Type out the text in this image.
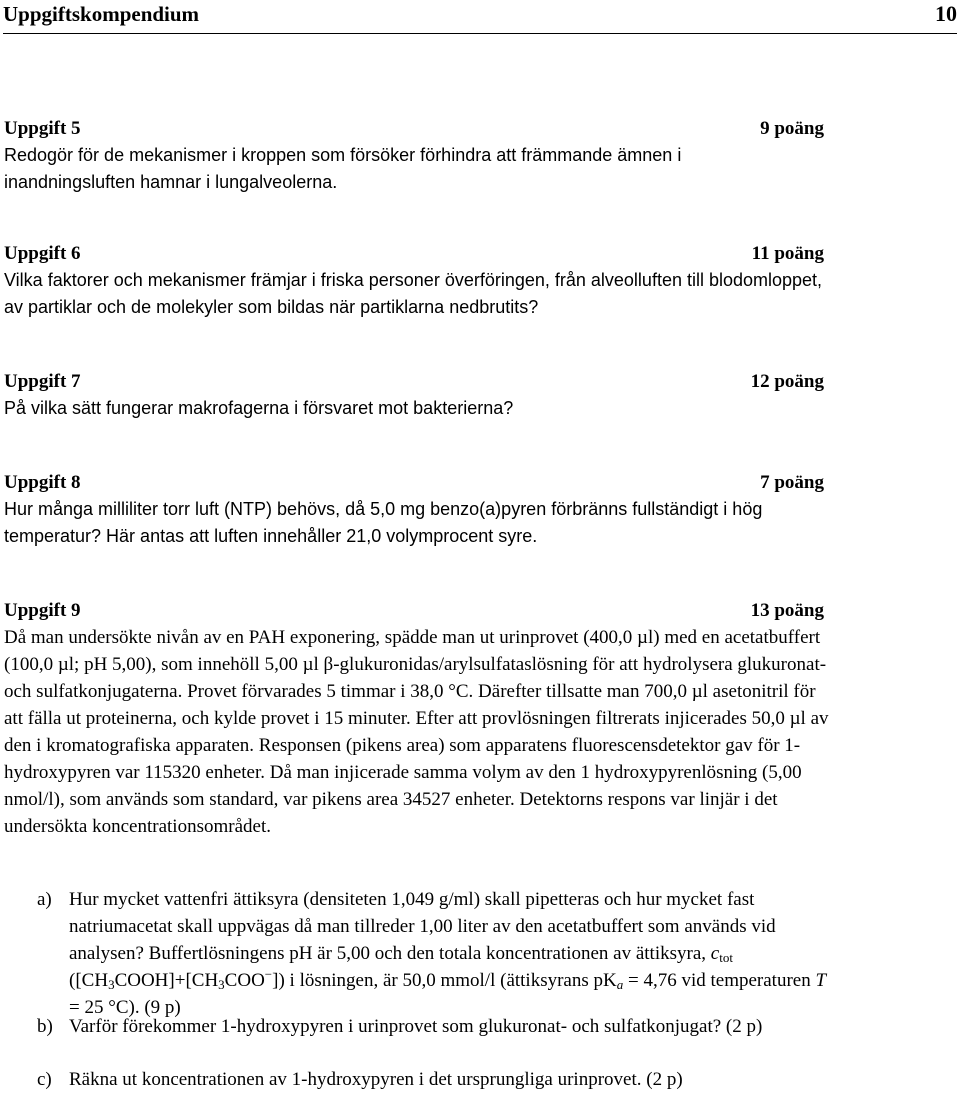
Uppgiftskompendium	10
Uppgift 5	9 poäng

Redogör för de mekanismer i kroppen som försöker förhindra att främmande ämnen i inandningsluften hamnar i lungalveolerna.

Uppgift 6	11 poäng

Vilka faktorer och mekanismer främjar i friska personer överföringen, från alveolluften till blodomloppet, av partiklar och de molekyler som bildas när partiklarna nedbrutits?

Uppgift 7	12 poäng

På vilka sätt fungerar makrofagerna i försvaret mot bakterierna?

Uppgift 8	7 poäng

Hur många milliliter torr luft (NTP) behövs, då 5,0 mg benzo(a)pyren förbränns fullständigt i hög temperatur? Här antas att luften innehåller 21,0 volymprocent syre.

Uppgift 9	13 poäng

Då man undersökte nivån av en PAH exponering, spädde man ut urinprovet (400,0 µl) med en acetatbuffert (100,0 µl; pH 5,00), som innehöll 5,00 µl β-glukuronidas/arylsulfataslösning för att hydrolysera glukuronat- och sulfatkonjugaterna. Provet förvarades 5 timmar i 38,0 °C. Därefter tillsatte man 700,0 µl asetonitril för att fälla ut proteinerna, och kylde provet i 15 minuter. Efter att provlösningen filtrerats injicerades 50,0 µl av den i kromatografiska apparaten. Responsen (pikens area) som apparatens fluorescensdetektor gav för 1-hydroxypyren var 115320 enheter. Då man injicerade samma volym av den 1 hydroxypyrenlösning (5,00 nmol/l), som används som standard, var pikens area 34527 enheter. Detektorns respons var linjär i det undersökta koncentrationsområdet.

a) Hur mycket vattenfri ättiksyra (densiteten 1,049 g/ml) skall pipetteras och hur mycket fast natriumacetat skall uppvägas då man tillreder 1,00 liter av den acetatbuffert som används vid analysen? Buffertlösningens pH är 5,00 och den totala koncentrationen av ättiksyra, $c_{tot}$ $([CH_3COOH]+[CH_3COO^-])$ i lösningen, är 50,0 mmol/l (ättiksyrans $pK_a = 4,76$ vid temperaturen T = 25 °C). (9 p)
b) Varför förekommer 1-hydroxypyren i urinprovet som glukuronat- och sulfatkonjugat? (2 p)
c) Räkna ut koncentrationen av 1-hydroxypyren i det ursprungliga urinprovet. (2 p)
